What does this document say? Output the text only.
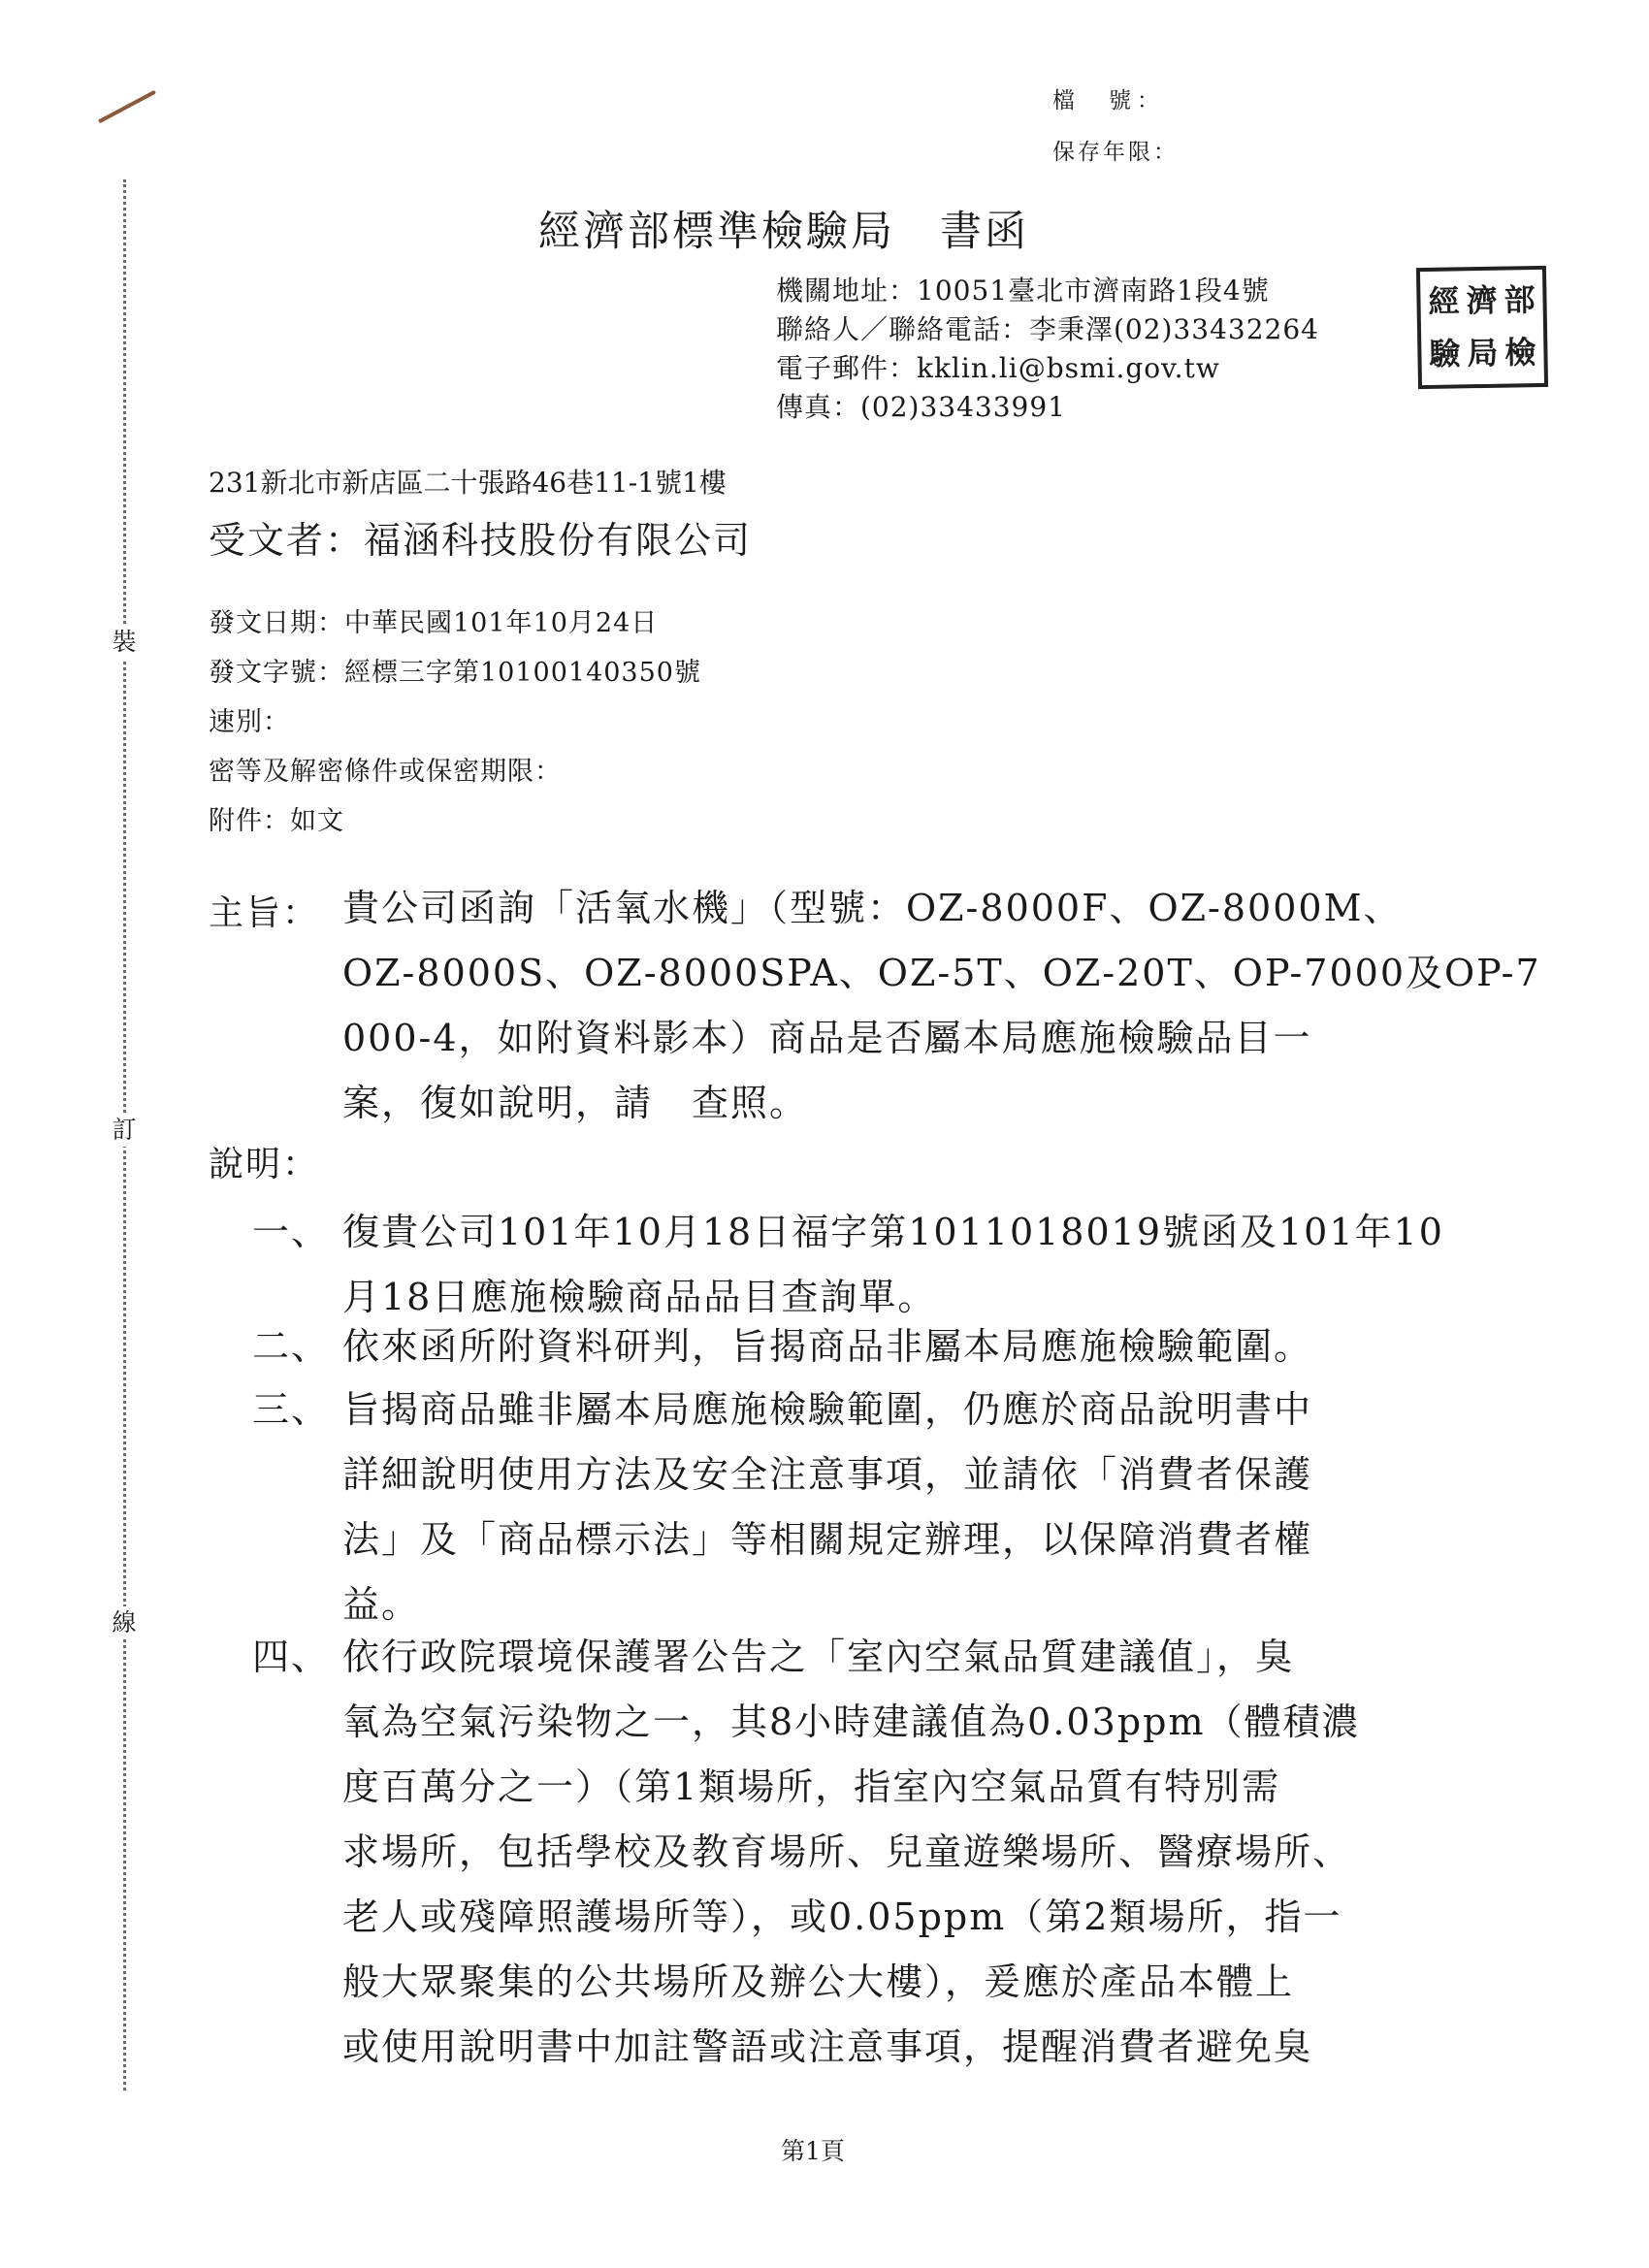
裝
訂
線
檔　號：
保存年限：
經濟部標準檢驗局　書函
機關地址：10051臺北市濟南路1段4號
聯絡人／聯絡電話：李秉澤(02)33432264
電子郵件：kklin.li@bsmi.gov.tw
傳真：(02)33433991
經 濟 部
驗 局 檢
231新北市新店區二十張路46巷11-1號1樓
受文者：福涵科技股份有限公司
發文日期：中華民國101年10月24日
發文字號：經標三字第10100140350號
速別：
密等及解密條件或保密期限：
附件：如文
主旨： 貴公司函詢「活氧水機」（型號：OZ-8000F、OZ-8000M、
OZ-8000S、OZ-8000SPA、OZ-5T、OZ-20T、OP-7000及OP-7
000-4，如附資料影本）商品是否屬本局應施檢驗品目一
案，復如說明，請　查照。
說明：
一、 復貴公司101年10月18日福字第1011018019號函及101年10
月18日應施檢驗商品品目查詢單。
二、 依來函所附資料研判，旨揭商品非屬本局應施檢驗範圍。
三、 旨揭商品雖非屬本局應施檢驗範圍，仍應於商品說明書中
詳細說明使用方法及安全注意事項，並請依「消費者保護
法」及「商品標示法」等相關規定辦理，以保障消費者權
益。
四、 依行政院環境保護署公告之「室內空氣品質建議值」，臭
氧為空氣污染物之一，其8小時建議值為0.03ppm（體積濃
度百萬分之一）（第1類場所，指室內空氣品質有特別需
求場所，包括學校及教育場所、兒童遊樂場所、醫療場所、
老人或殘障照護場所等），或0.05ppm（第2類場所，指一
般大眾聚集的公共場所及辦公大樓），爰應於產品本體上
或使用說明書中加註警語或注意事項，提醒消費者避免臭
第1頁
